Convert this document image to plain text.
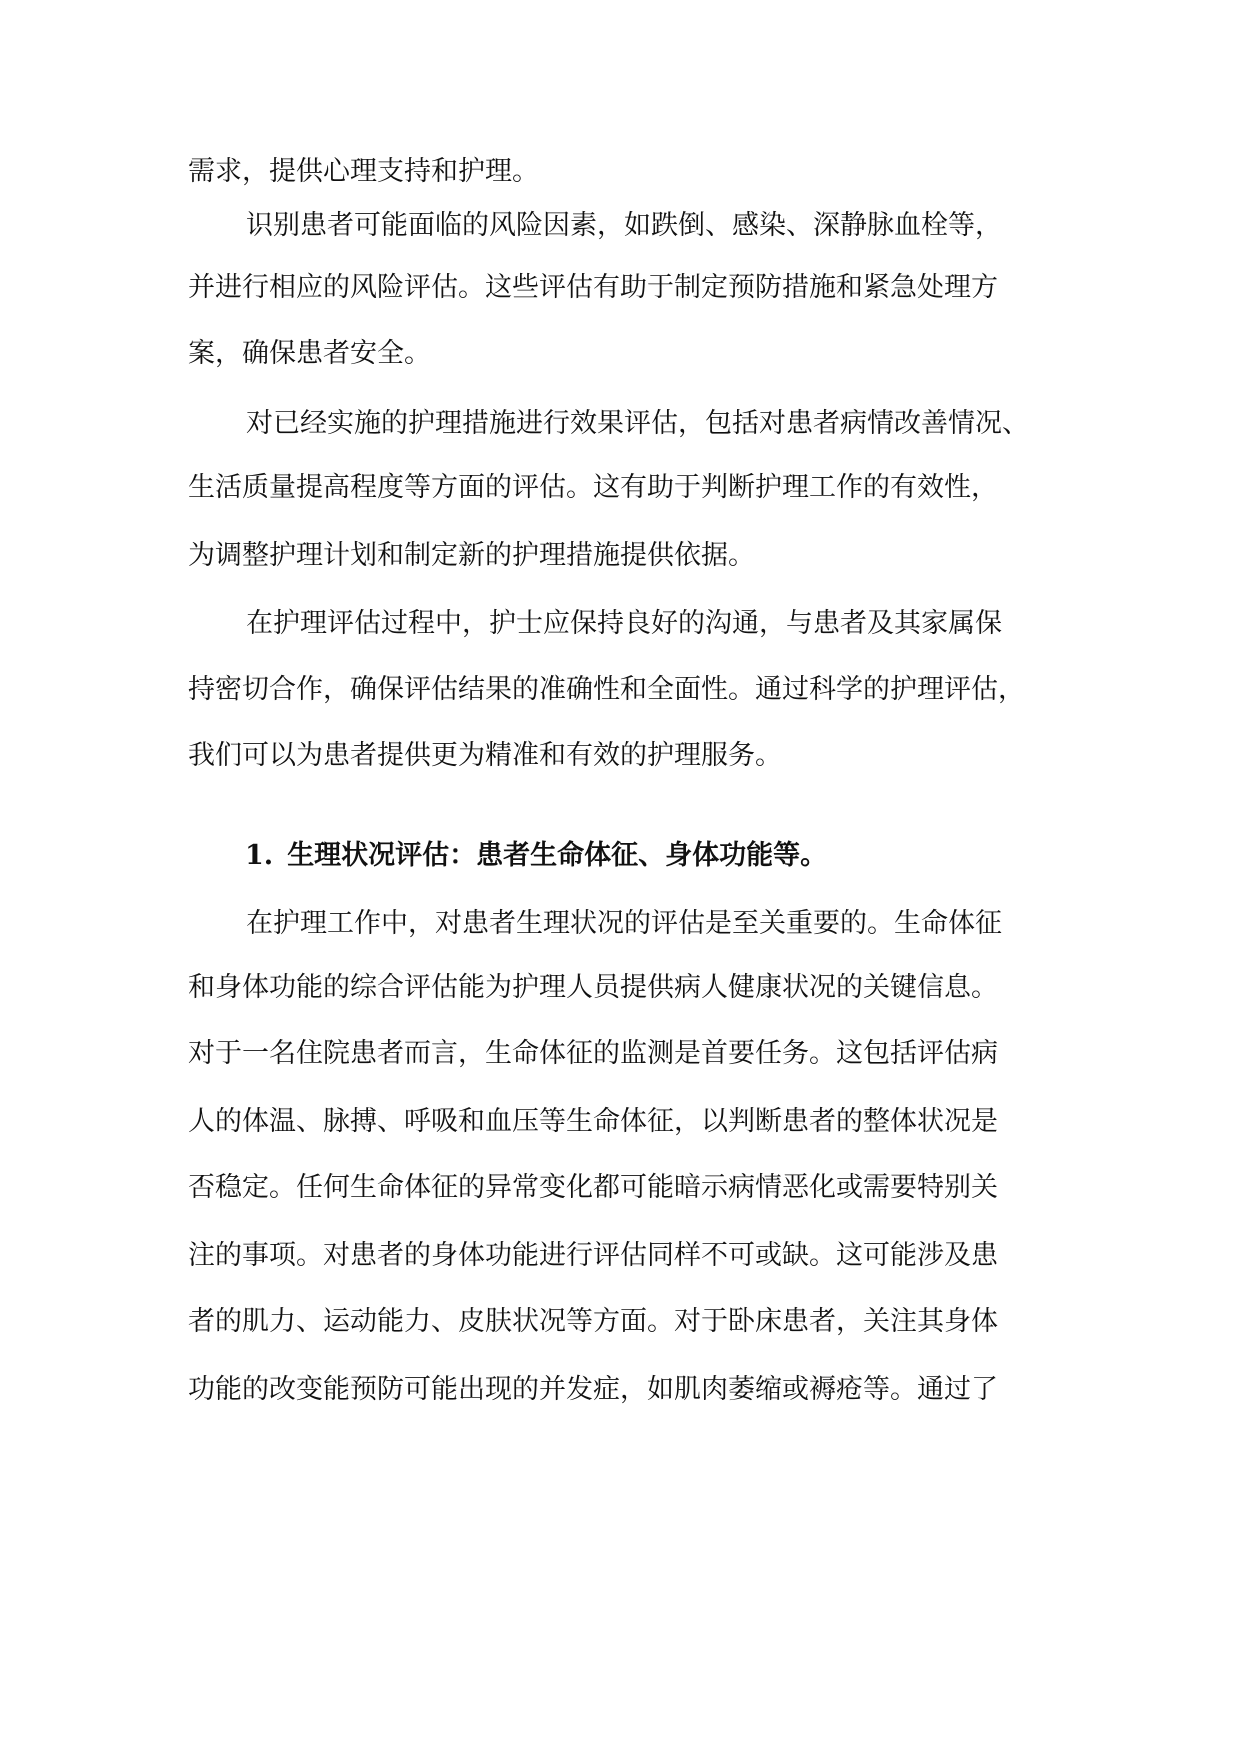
需求，提供心理支持和护理。
识别患者可能面临的风险因素，如跌倒、感染、深静脉血栓等，
并进行相应的风险评估。这些评估有助于制定预防措施和紧急处理方
案，确保患者安全。
对已经实施的护理措施进行效果评估，包括对患者病情改善情况、
生活质量提高程度等方面的评估。这有助于判断护理工作的有效性，
为调整护理计划和制定新的护理措施提供依据。
在护理评估过程中，护士应保持良好的沟通，与患者及其家属保
持密切合作，确保评估结果的准确性和全面性。通过科学的护理评估，
我们可以为患者提供更为精准和有效的护理服务。
1. 生理状况评估：患者生命体征、身体功能等。
在护理工作中，对患者生理状况的评估是至关重要的。生命体征
和身体功能的综合评估能为护理人员提供病人健康状况的关键信息。
对于一名住院患者而言，生命体征的监测是首要任务。这包括评估病
人的体温、脉搏、呼吸和血压等生命体征，以判断患者的整体状况是
否稳定。任何生命体征的异常变化都可能暗示病情恶化或需要特别关
注的事项。对患者的身体功能进行评估同样不可或缺。这可能涉及患
者的肌力、运动能力、皮肤状况等方面。对于卧床患者，关注其身体
功能的改变能预防可能出现的并发症，如肌肉萎缩或褥疮等。通过了
